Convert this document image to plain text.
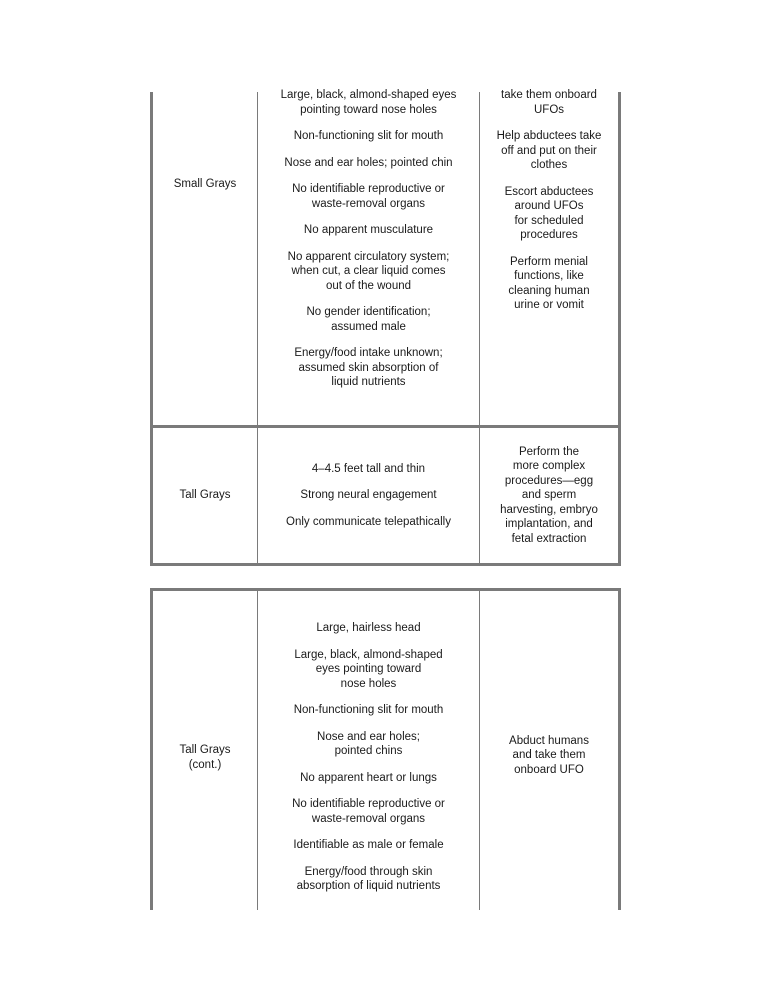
Small Grays

Large, black, almond-shaped eyes
pointing toward nose holes

Non-functioning slit for mouth

Nose and ear holes; pointed chin

No identifiable reproductive or
waste-removal organs

No apparent musculature

No apparent circulatory system;
when cut, a clear liquid comes
out of the wound

No gender identification;
assumed male

Energy/food intake unknown;
assumed skin absorption of
liquid nutrients

take them onboard
UFOs

Help abductees take
off and put on their
clothes

Escort abductees
around UFOs
for scheduled
procedures

Perform menial
functions, like
cleaning human
urine or vomit

Tall Grays

4–4.5 feet tall and thin

Strong neural engagement

Only communicate telepathically

Perform the
more complex
procedures—egg
and sperm
harvesting, embryo
implantation, and
fetal extraction

Tall Grays
(cont.)

Large, hairless head

Large, black, almond-shaped
eyes pointing toward
nose holes

Non-functioning slit for mouth

Nose and ear holes;
pointed chins

No apparent heart or lungs

No identifiable reproductive or
waste-removal organs

Identifiable as male or female

Energy/food through skin
absorption of liquid nutrients

Abduct humans
and take them
onboard UFO
